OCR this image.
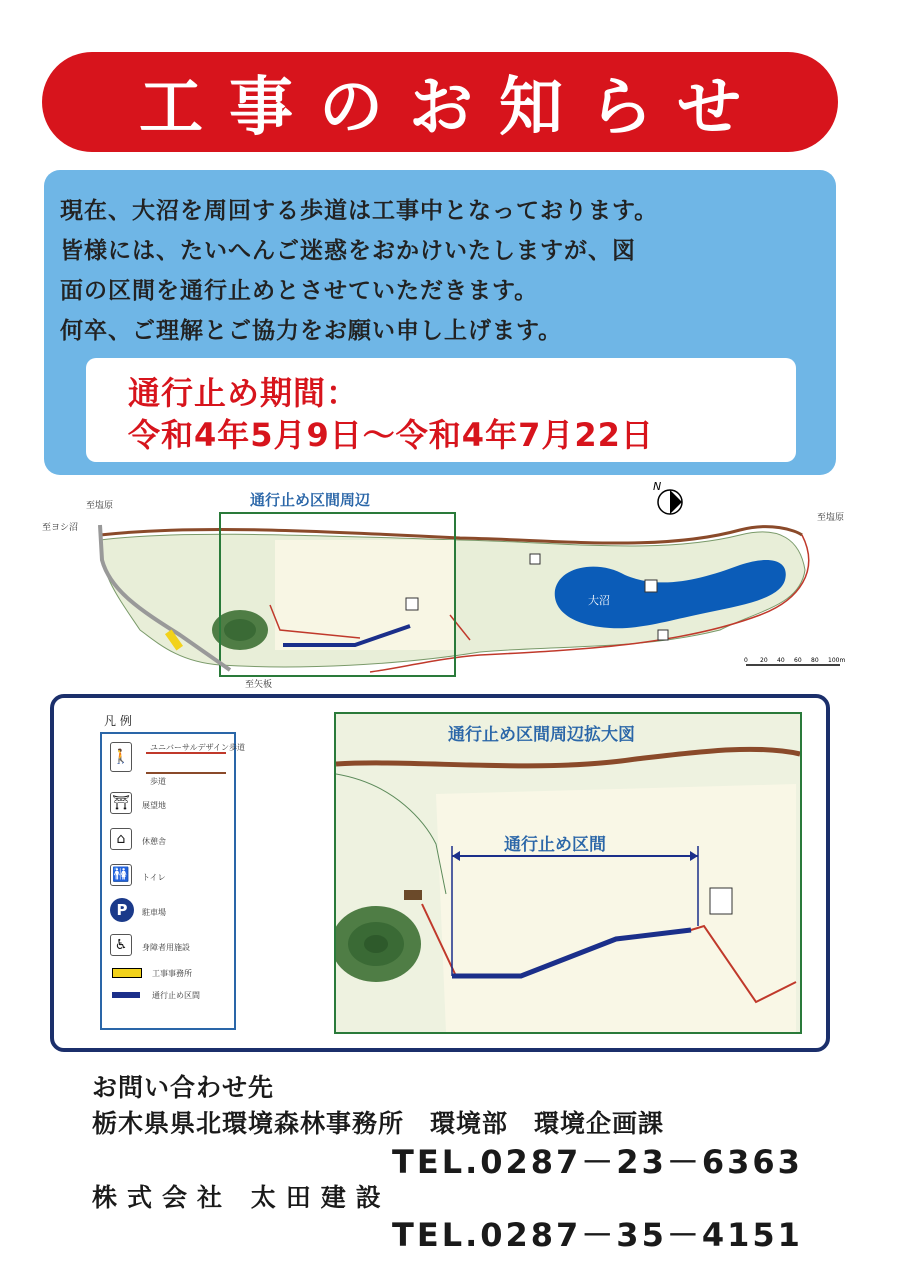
工事のお知らせ
現在、大沼を周回する歩道は工事中となっております。
皆様には、たいへんご迷惑をおかけいたしますが、図
面の区間を通行止めとさせていただきます。
何卒、ご理解とご協力をお願い申し上げます。
通行止め期間：
令和4年5月9日～令和4年7月22日
大沼
通行止め区間周辺
至塩原
至ヨシ沼
至塩原
至矢板
N
0 20 40 60 80 100m
凡 例
🚶
ユニバーサルデザイン歩道
歩道
⛩ 展望地
⌂	休憩舎
🚻 トイレ
P	駐車場
♿	身障者用施設
工事事務所
通行止め区間
通行止め区間周辺拡大図
通行止め区間
お問い合わせ先
栃木県県北環境森林事務所　環境部　環境企画課
TEL.0287－23－6363
株式会社 太田建設
TEL.0287－35－4151
